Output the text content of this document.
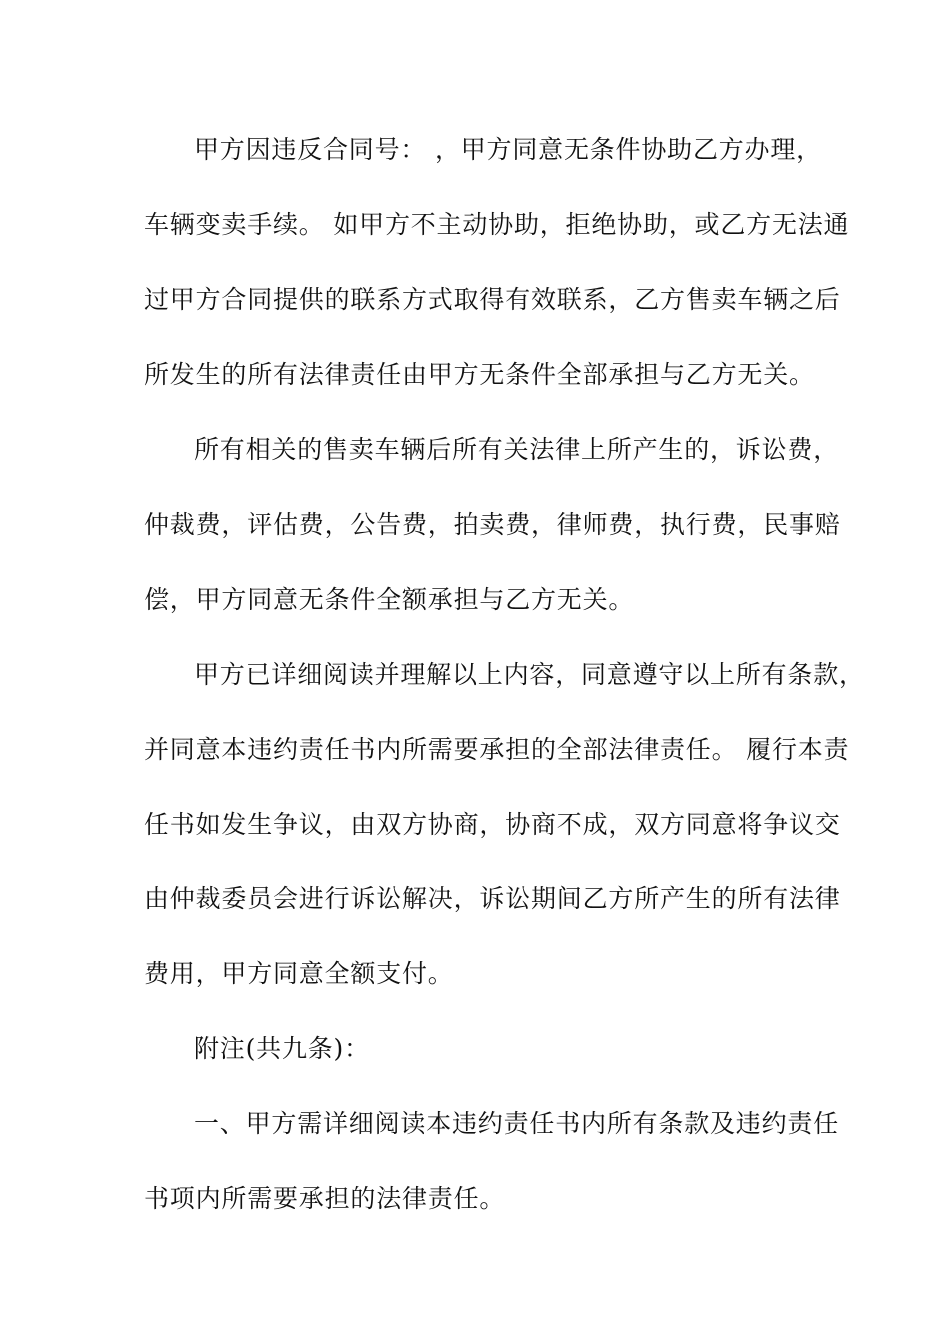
甲方因违反合同号： ，甲方同意无条件协助乙方办理，

车辆变卖手续。 如甲方不主动协助，拒绝协助，或乙方无法通

过甲方合同提供的联系方式取得有效联系，乙方售卖车辆之后

所发生的所有法律责任由甲方无条件全部承担与乙方无关。

所有相关的售卖车辆后所有关法律上所产生的，诉讼费，

仲裁费，评估费，公告费，拍卖费，律师费，执行费，民事赔

偿，甲方同意无条件全额承担与乙方无关。

甲方已详细阅读并理解以上内容，同意遵守以上所有条款，

并同意本违约责任书内所需要承担的全部法律责任。 履行本责

任书如发生争议，由双方协商，协商不成，双方同意将争议交

由仲裁委员会进行诉讼解决，诉讼期间乙方所产生的所有法律

费用，甲方同意全额支付。

附注(共九条)：

一、甲方需详细阅读本违约责任书内所有条款及违约责任

书项内所需要承担的法律责任。
